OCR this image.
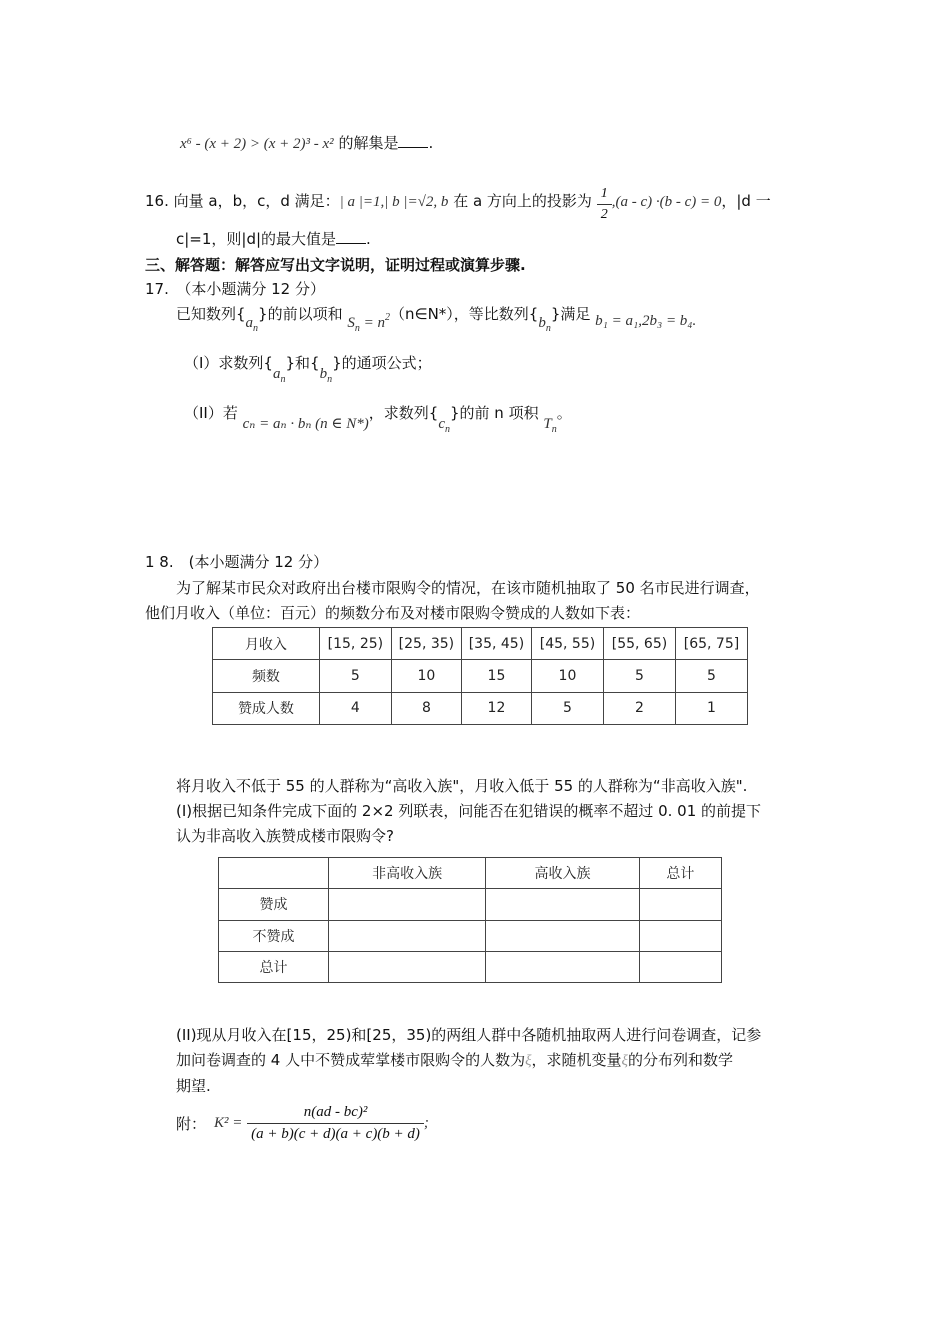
x⁶ - (x + 2) > (x + 2)³ - x² 的解集是 .
16. 向量 a，b，c，d 满足：| a |=1,| b |=√2, b 在 a 方向上的投影为 $\frac{1}{2} ,(a - c) \cdot(b - c) = 0$，|d 一
c|=1，则|d|的最大值是 .
三、解答题：解答应写出文字说明，证明过程或演算步骤.
17.　（本小题满分 12 分）
已知数列$\{a_n\}$的前以项和 $S_n$ = $n^2(n\in N*)$，等比数列$\{b_n\}$满足 b₁ = a₁,2b₃ = b₄.
（I）求数列$\{a_n\}$和$\{b_n\}$的通项公式；
（II）若 cₙ = aₙ · bₙ (n ∈ N*)，求数列$\{c_n\}$的前 n 项积 $T_n$。
1 8.　(本小题满分 12 分）
为了解某市民众对政府出台楼市限购令的情况，在该市随机抽取了 50 名市民进行调查，
他们月收入（单位：百元）的频数分布及对楼市限购令赞成的人数如下表：
月收入	[15, 25)	[25, 35)	[35, 45)	[45, 55)	[55, 65)	[65, 75]
频数	5	10	15	10	5	5
赞成人数	4	8	12	5	2	1
将月收入不低于 55 的人群称为“高收入族"，月收入低于 55 的人群称为“非高收入族".
(I)根据已知条件完成下面的 2×2 列联表，问能否在犯错误的概率不超过 0. 01 的前提下
认为非高收入族赞成楼市限购令?
	非高收入族	高收入族	总计
赞成			
不赞成			
总计			
(II)现从月收入在[15，25)和[25，35)的两组人群中各随机抽取两人进行问卷调查，记参
加问卷调查的 4 人中不赞成荤掌楼市限购令的人数为ξ，求随机变量ξ的分布列和数学
期望.
附： $K^2 = \frac{\text{n(ad - bc)²}}{(a + b)(c + d)(a + c)(b + d)}$ ;
